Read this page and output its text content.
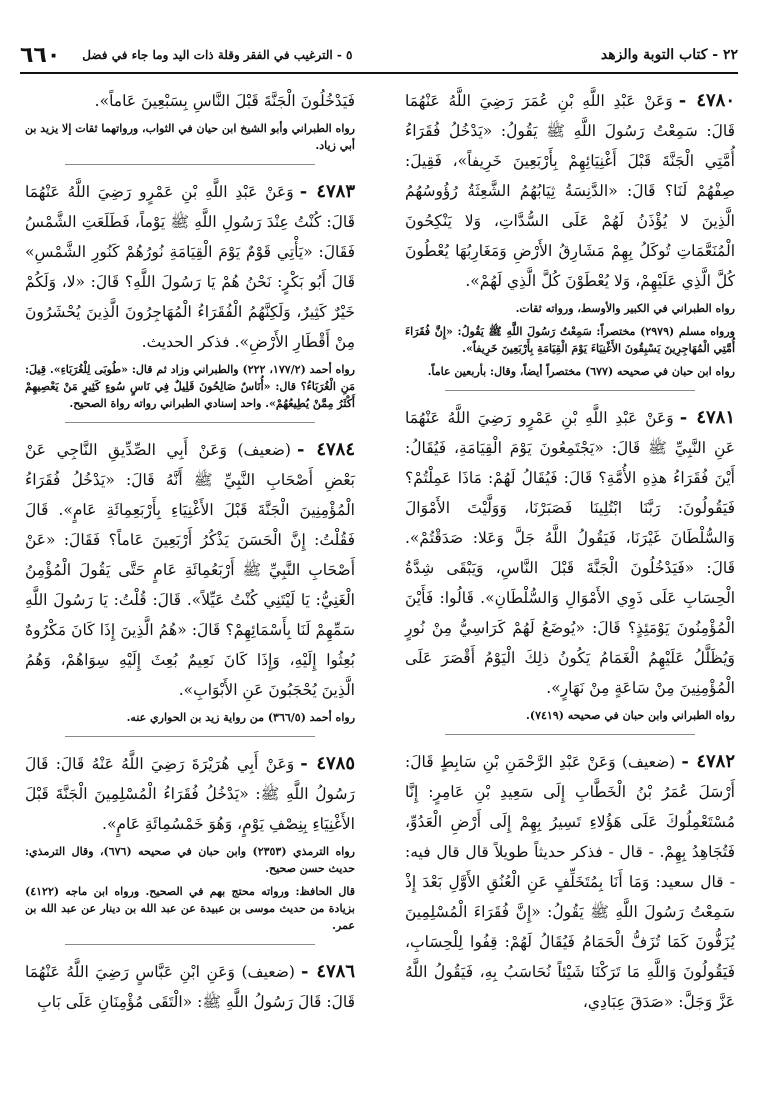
٢٢ - كتاب التوبة والزهد
٥ - الترغيب في الفقر وقلة ذات اليد وما جاء في فضل
٦٦٠
٤٧٨٠ -وَعَنْ عَبْدِ اللَّهِ بْنِ عُمَرَ رَضِيَ اللَّهُ عَنْهُمَا قَالَ: سَمِعْتُ رَسُولَ اللَّهِ ﷺ يَقُولُ: «يَدْخُلُ فُقَرَاءُ أُمَّتِي الْجَنَّةَ قَبْلَ أَغْنِيَائِهِمْ بِأَرْبَعِينَ خَرِيفاً»، فَقِيلَ: صِفْهُمْ لَنَا؟ قَالَ: «الدَّنِسَةُ ثِيَابُهُمُ الشَّعِثَةُ رُؤُوسُهُمُ الَّذِينَ لا يُؤْذَنُ لَهُمْ عَلَى السُّدَّاتِ، وَلا يَنْكِحُونَ الْمُنَعَّمَاتِ تُوكَلُ بِهِمْ مَشَارِقُ الأَرْضِ وَمَغَارِبُهَا يُعْطُونَ كُلَّ الَّذِي عَلَيْهِمْ، وَلا يُعْطَوْنَ كُلَّ الَّذِي لَهُمْ».
رواه الطبراني في الكبير والأوسط، ورواته ثقات.
ورواه مسلم (٢٩٧٩) مختصراً: سَمِعْتُ رَسُولَ اللَّهِ ﷺ يَقُولُ: «إِنَّ فُقَرَاءَ أُمَّتِي الْمُهَاجِرِينَ يَسْبِقُونَ الأَغْنِيَاءَ يَوْمَ الْقِيَامَةِ بِأَرْبَعِينَ خَرِيفاً».
رواه ابن حبان في صحيحه (٦٧٧) مختصراً أيضاً، وقال: بأربعين عاماً.
٤٧٨١ -وَعَنْ عَبْدِ اللَّهِ بْنِ عَمْرٍو رَضِيَ اللَّهُ عَنْهُمَا عَنِ النَّبِيِّ ﷺ قَالَ: «يَجْتَمِعُونَ يَوْمَ الْقِيَامَةِ، فَيُقَالُ: أَيْنَ فُقَرَاءُ هذِهِ الأُمَّةِ؟ قَالَ: فَيُقَالُ لَهُمْ: مَاذَا عَمِلْتُمْ؟ فَيَقُولُونَ: رَبَّنَا ابْتُلِينَا فَصَبَرْنَا، وَوَلَّيْتَ الأَمْوَالَ وَالسُّلْطَانَ غَيْرَنَا، فَيَقُولُ اللَّهُ جَلَّ وَعَلا: صَدَقْتُمْ». قَالَ: «فَيَدْخُلُونَ الْجَنَّةَ قَبْلَ النَّاسِ، وَيَبْقَى شِدَّةُ الْحِسَابِ عَلَى ذَوِي الأَمْوَالِ وَالسُّلْطَانِ». قَالُوا: فَأَيْنَ الْمُؤْمِنُونَ يَوْمَئِذٍ؟ قَالَ: «يُوضَعُ لَهُمْ كَرَاسِيُّ مِنْ نُورٍ وَيُظَلَّلُ عَلَيْهِمُ الْغَمَامُ يَكُونُ ذلِكَ الْيَوْمُ أَقْصَرَ عَلَى الْمُؤْمِنِينَ مِنْ سَاعَةٍ مِنْ نَهَارٍ».
رواه الطبراني وابن حبان في صحيحه (٧٤١٩).
٤٧٨٢ -(ضعيف) وَعَنْ عَبْدِ الرَّحْمَنِ بْنِ سَابِطٍ قَالَ: أَرْسَلَ عُمَرُ بْنُ الْخَطَّابِ إِلَى سَعِيدِ بْنِ عَامِرٍ: إِنَّا مُسْتَعْمِلُوكَ عَلَى هَؤُلاءِ تَسِيرُ بِهِمْ إِلَى أَرْضِ الْعَدُوِّ، فَتُجَاهِدُ بِهِمْ. - قال - فذكر حديثاً طويلاً قال قال فيه: - قال سعيد: وَمَا أَنَا بِمُتَخَلِّفٍ عَنِ الْعُنُقِ الأَوَّلِ بَعْدَ إِذْ سَمِعْتُ رَسُولَ اللَّهِ ﷺ يَقُولُ: «إِنَّ فُقَرَاءَ الْمُسْلِمِينَ يُزَفُّونَ كَمَا تُزَفُّ الْحَمَامُ فَيُقَالُ لَهُمْ: قِفُوا لِلْحِسَابِ، فَيَقُولُونَ وَاللَّهِ مَا تَرَكْنَا شَيْئاً نُحَاسَبُ بِهِ، فَيَقُولُ اللَّهُ عَزَّ وَجَلَّ: «صَدَقَ عِبَادِي،
فَيَدْخُلُونَ الْجَنَّةَ قَبْلَ النَّاسِ بِسَبْعِينَ عَاماً».
رواه الطبراني وأبو الشيخ ابن حيان في الثواب، ورواتهما ثقات إلا يزيد بن أبي زياد.
٤٧٨٣ -وَعَنْ عَبْدِ اللَّهِ بْنِ عَمْرٍو رَضِيَ اللَّهُ عَنْهُمَا قَالَ: كُنْتُ عِنْدَ رَسُولِ اللَّهِ ﷺ يَوْماً، فَطَلَعَتِ الشَّمْسُ فَقَالَ: «يَأْتِي قَوْمٌ يَوْمَ الْقِيَامَةِ نُورُهُمْ كَنُورِ الشَّمْسِ» قَالَ أَبُو بَكْرٍ: نَحْنُ هُمْ يَا رَسُولَ اللَّهِ؟ قَالَ: «لا، وَلَكُمْ خَيْرٌ كَثِيرٌ، وَلَكِنَّهُمُ الْفُقَرَاءُ الْمُهَاجِرُونَ الَّذِينَ يُحْشَرُونَ مِنْ أَقْطَارِ الأَرْضِ». فذكر الحديث.
رواه أحمد (١٧٧/٢، ٢٢٢) والطبراني وزاد ثم قال: «طُوبَى لِلْغُرَبَاءِ». قِيلَ: مَنِ الْغُرَبَاءُ؟ قال: «أُنَاسٌ صَالِحُونَ قَلِيلٌ فِي نَاسٍ سُوءٍ كَثِيرٍ مَنْ يَعْصِيهِمْ أَكْثَرُ مِمَّنْ يُطِيعُهُمْ». واحد إسنادي الطبراني رواته رواة الصحيح.
٤٧٨٤ -(ضعيف) وَعَنْ أَبِي الصِّدِّيقِ النَّاجِي عَنْ بَعْضِ أَصْحَابِ النَّبِيِّ ﷺ أَنَّهُ قَالَ: «يَدْخُلُ فُقَرَاءُ الْمُؤْمِنِينَ الْجَنَّةَ قَبْلَ الأَغْنِيَاءِ بِأَرْبَعِمِائَةِ عَامٍ». قَالَ فَقُلْتُ: إِنَّ الْحَسَنَ يَذْكُرُ أَرْبَعِينَ عَاماً؟ فَقَالَ: «عَنْ أَصْحَابِ النَّبِيِّ ﷺ أَرْبَعُمِائَةِ عَامٍ حَتَّى يَقُولَ الْمُؤْمِنُ الْغَنِيُّ: يَا لَيْتَنِي كُنْتُ عَيِّلاً». قَالَ: قُلْتُ: يَا رَسُولَ اللَّهِ سَمِّهِمْ لَنَا بِأَسْمَائِهِمْ؟ قَالَ: «هُمُ الَّذِينَ إِذَا كَانَ مَكْرُوهٌ بُعِثُوا إِلَيْهِ، وَإِذَا كَانَ نَعِيمٌ بُعِثَ إِلَيْهِ سِوَاهُمْ، وَهُمُ الَّذِينَ يُحْجَبُونَ عَنِ الأَبْوَابِ».
رواه أحمد (٣٦٦/٥) من رواية زيد بن الحواري عنه.
٤٧٨٥ -وَعَنْ أَبِي هُرَيْرَةَ رَضِيَ اللَّهُ عَنْهُ قَالَ: قَالَ رَسُولُ اللَّهِ ﷺ: «يَدْخُلُ فُقَرَاءُ الْمُسْلِمِينَ الْجَنَّةَ قَبْلَ الأَغْنِيَاءِ بِنِصْفِ يَوْمٍ، وَهُوَ خَمْسُمِائَةِ عَامٍ».
رواه الترمذي (٢٣٥٣) وابن حبان في صحيحه (٦٧٦)، وقال الترمذي: حديث حسن صحيح.
قال الحافظ: ورواته محتج بهم في الصحيح. ورواه ابن ماجه (٤١٢٢) بزيادة من حديث موسى بن عبيدة عن عبد الله بن دينار عن عبد الله بن عمر.
٤٧٨٦ -(ضعيف) وَعَنِ ابْنِ عَبَّاسٍ رَضِيَ اللَّهُ عَنْهُمَا قَالَ: قَالَ رَسُولُ اللَّهِ ﷺ: «الْتَقَى مُؤْمِنَانِ عَلَى بَابِ
